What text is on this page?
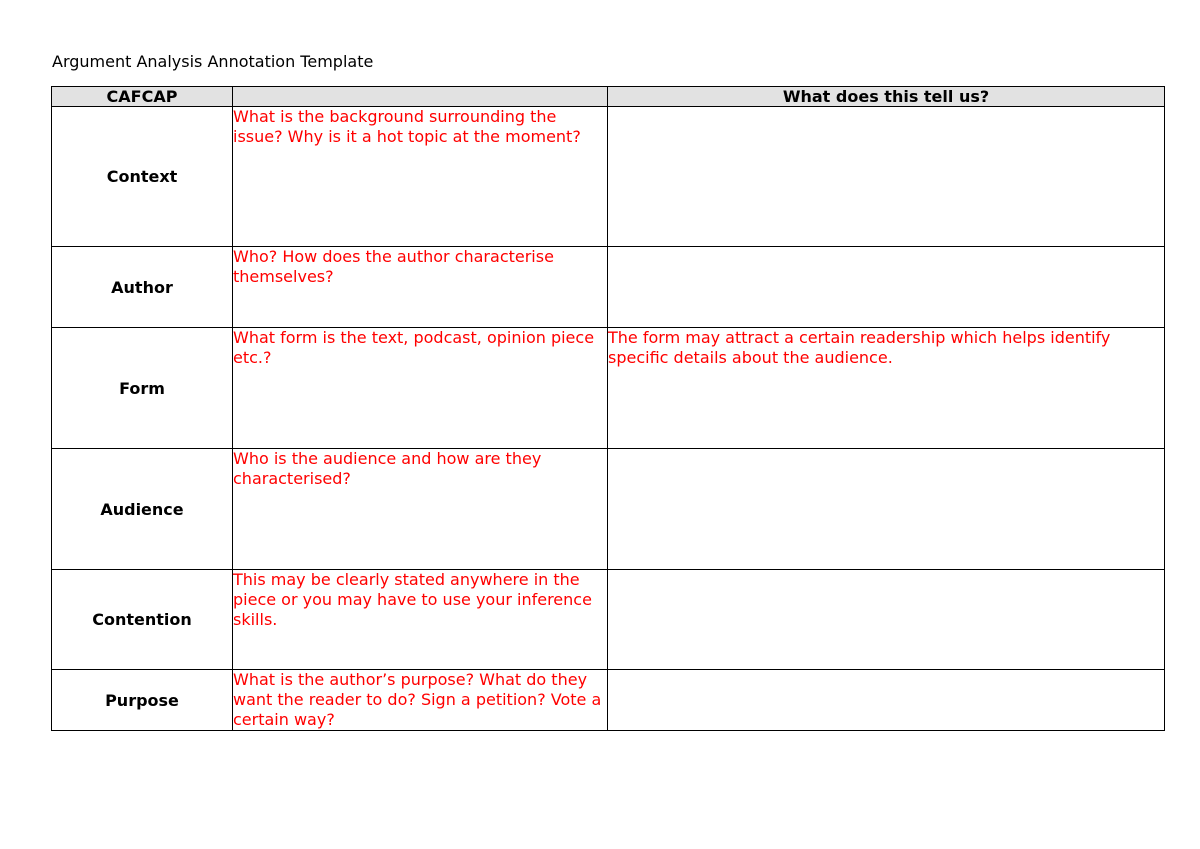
Argument Analysis Annotation Template
CAFCAP		What does this tell us?
Context	What is the background surrounding the issue? Why is it a hot topic at the moment?	

Author	Who? How does the author characterise themselves?	

Form	What form is the text, podcast, opinion piece etc.?	The form may attract a certain readership which helps identify specific details about the audience.

Audience	Who is the audience and how are they characterised?	

Contention	This may be clearly stated anywhere in the piece or you may have to use your inference skills.	

Purpose	What is the author’s purpose? What do they want the reader to do? Sign a petition? Vote a certain way?	
